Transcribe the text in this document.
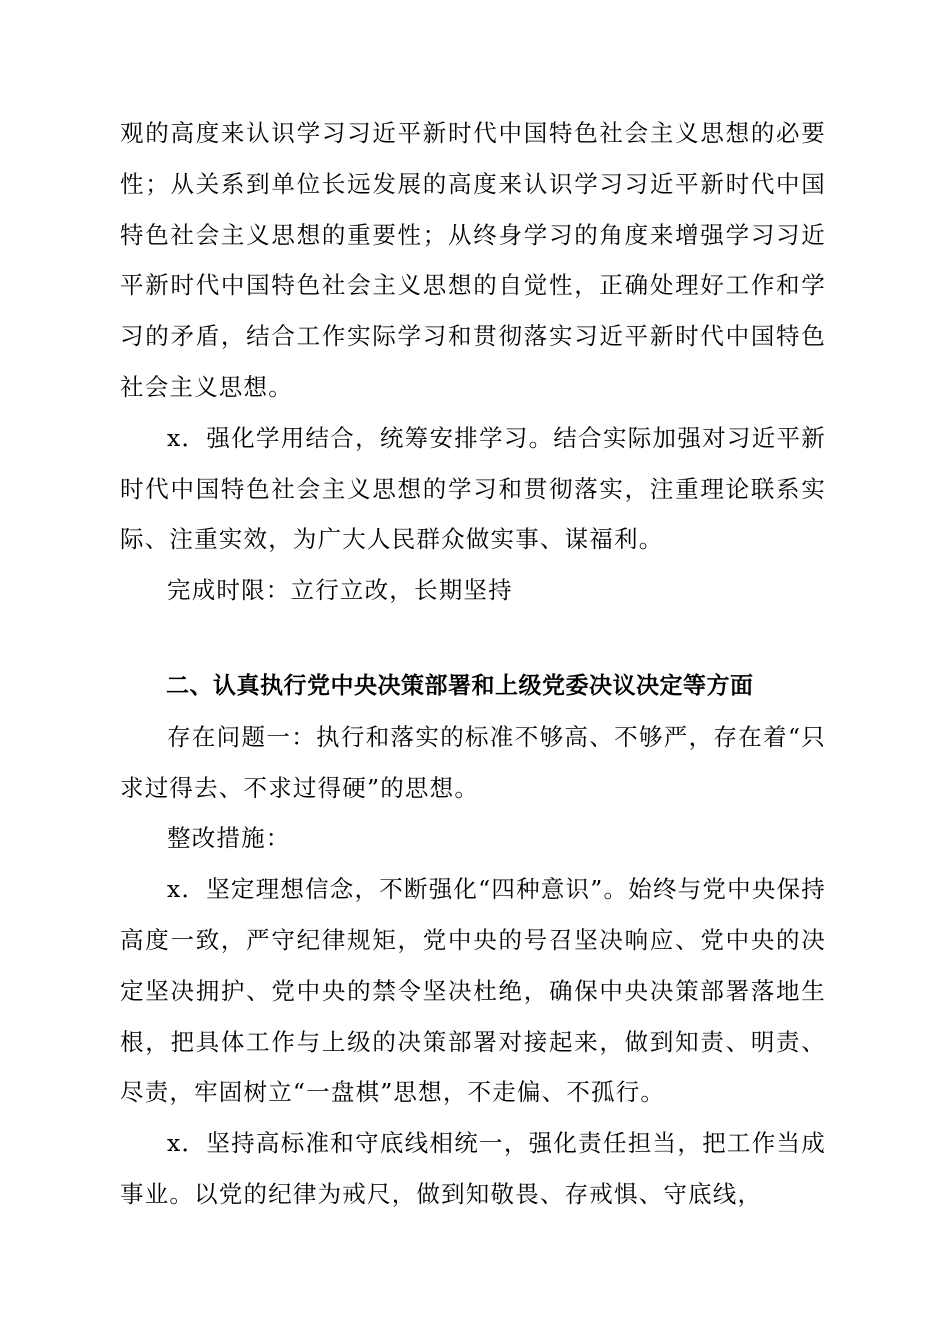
观的高度来认识学习习近平新时代中国特色社会主义思想的必要性；从关系到单位长远发展的高度来认识学习习近平新时代中国特色社会主义思想的重要性；从终身学习的角度来增强学习习近平新时代中国特色社会主义思想的自觉性，正确处理好工作和学习的矛盾，结合工作实际学习和贯彻落实习近平新时代中国特色社会主义思想。

x．强化学用结合，统筹安排学习。结合实际加强对习近平新时代中国特色社会主义思想的学习和贯彻落实，注重理论联系实际、注重实效，为广大人民群众做实事、谋福利。

完成时限：立行立改，长期坚持

二、认真执行党中央决策部署和上级党委决议决定等方面

存在问题一：执行和落实的标准不够高、不够严，存在着“只求过得去、不求过得硬”的思想。

整改措施：

x．坚定理想信念，不断强化“四种意识”。始终与党中央保持高度一致，严守纪律规矩，党中央的号召坚决响应、党中央的决定坚决拥护、党中央的禁令坚决杜绝，确保中央决策部署落地生根，把具体工作与上级的决策部署对接起来，做到知责、明责、尽责，牢固树立“一盘棋”思想，不走偏、不孤行。

x．坚持高标准和守底线相统一，强化责任担当，把工作当成事业。以党的纪律为戒尺，做到知敬畏、存戒惧、守底线，
